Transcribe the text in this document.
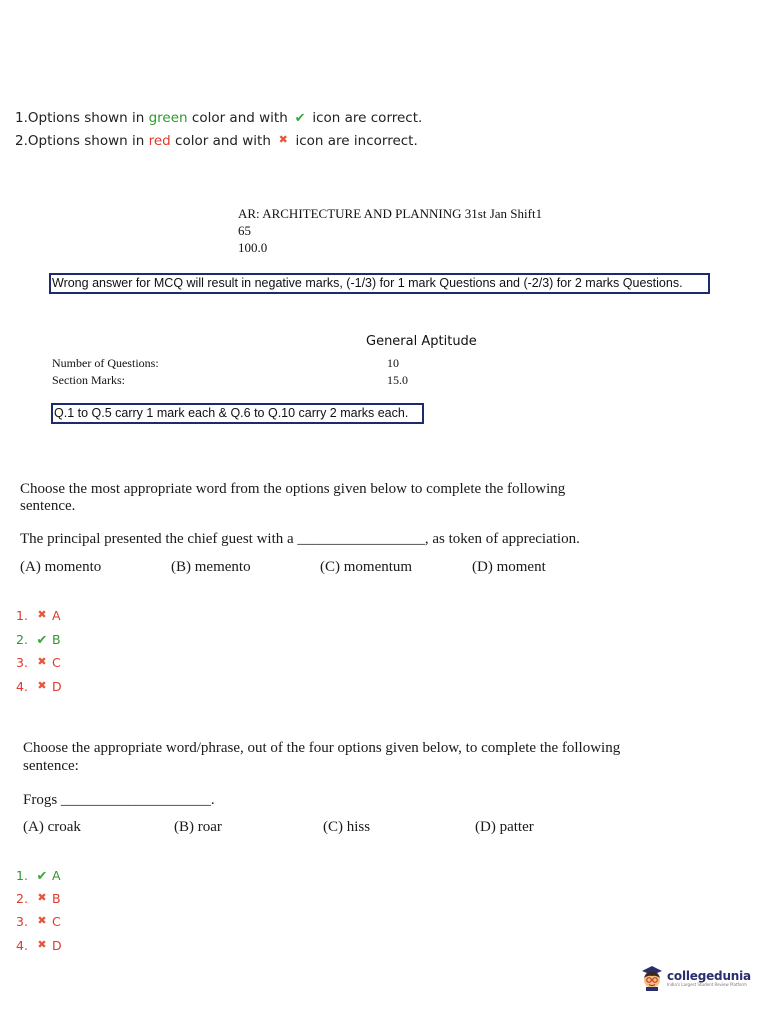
1.Options shown in green color and with ✔ icon are correct.
2.Options shown in red color and with ✖ icon are incorrect.
AR: ARCHITECTURE AND PLANNING 31st Jan Shift1
65
100.0
Wrong answer for MCQ will result in negative marks, (-1/3) for 1 mark Questions and (-2/3) for 2 marks Questions.
General Aptitude
Number of Questions:	10
Section Marks:	15.0
Q.1 to Q.5 carry 1 mark each & Q.6 to Q.10 carry 2 marks each.
Choose the most appropriate word from the options given below to complete the following
sentence.
The principal presented the chief guest with a _________________, as token of appreciation.
(A) momento	(B) memento	(C) momentum	(D) moment
1. ✖ A
2. ✔ B
3. ✖ C
4. ✖ D
Choose the appropriate word/phrase, out of the four options given below, to complete the following
sentence:
Frogs ____________________.
(A) croak	(B) roar	(C) hiss	(D) patter
1. ✔ A
2. ✖ B
3. ✖ C
4. ✖ D
collegedunia
India's Largest Student Review Platform
